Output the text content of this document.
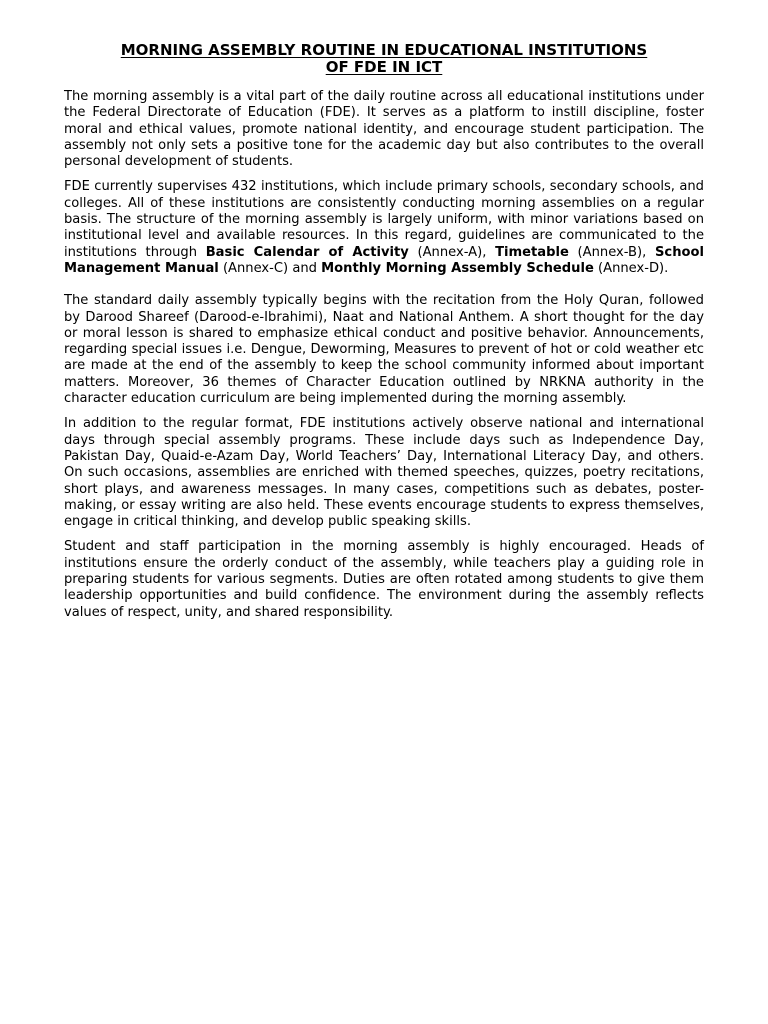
MORNING ASSEMBLY ROUTINE IN EDUCATIONAL INSTITUTIONS
OF FDE IN ICT

The morning assembly is a vital part of the daily routine across all educational institutions under the Federal Directorate of Education (FDE). It serves as a platform to instill discipline, foster moral and ethical values, promote national identity, and encourage student participation. The assembly not only sets a positive tone for the academic day but also contributes to the overall personal development of students.

FDE currently supervises 432 institutions, which include primary schools, secondary schools, and colleges. All of these institutions are consistently conducting morning assemblies on a regular basis. The structure of the morning assembly is largely uniform, with minor variations based on institutional level and available resources. In this regard, guidelines are communicated to the institutions through Basic Calendar of Activity (Annex-A), Timetable (Annex-B), School Management Manual (Annex-C) and Monthly Morning Assembly Schedule (Annex-D).

The standard daily assembly typically begins with the recitation from the Holy Quran, followed by Darood Shareef (Darood-e-Ibrahimi), Naat and National Anthem. A short thought for the day or moral lesson is shared to emphasize ethical conduct and positive behavior. Announcements, regarding special issues i.e. Dengue, Deworming, Measures to prevent of hot or cold weather etc are made at the end of the assembly to keep the school community informed about important matters. Moreover, 36 themes of Character Education outlined by NRKNA authority in the character education curriculum are being implemented during the morning assembly.

In addition to the regular format, FDE institutions actively observe national and international days through special assembly programs. These include days such as Independence Day, Pakistan Day, Quaid-e-Azam Day, World Teachers’ Day, International Literacy Day, and others. On such occasions, assemblies are enriched with themed speeches, quizzes, poetry recitations, short plays, and awareness messages. In many cases, competitions such as debates, poster-making, or essay writing are also held. These events encourage students to express themselves, engage in critical thinking, and develop public speaking skills.

Student and staff participation in the morning assembly is highly encouraged. Heads of institutions ensure the orderly conduct of the assembly, while teachers play a guiding role in preparing students for various segments. Duties are often rotated among students to give them leadership opportunities and build confidence. The environment during the assembly reflects values of respect, unity, and shared responsibility.
